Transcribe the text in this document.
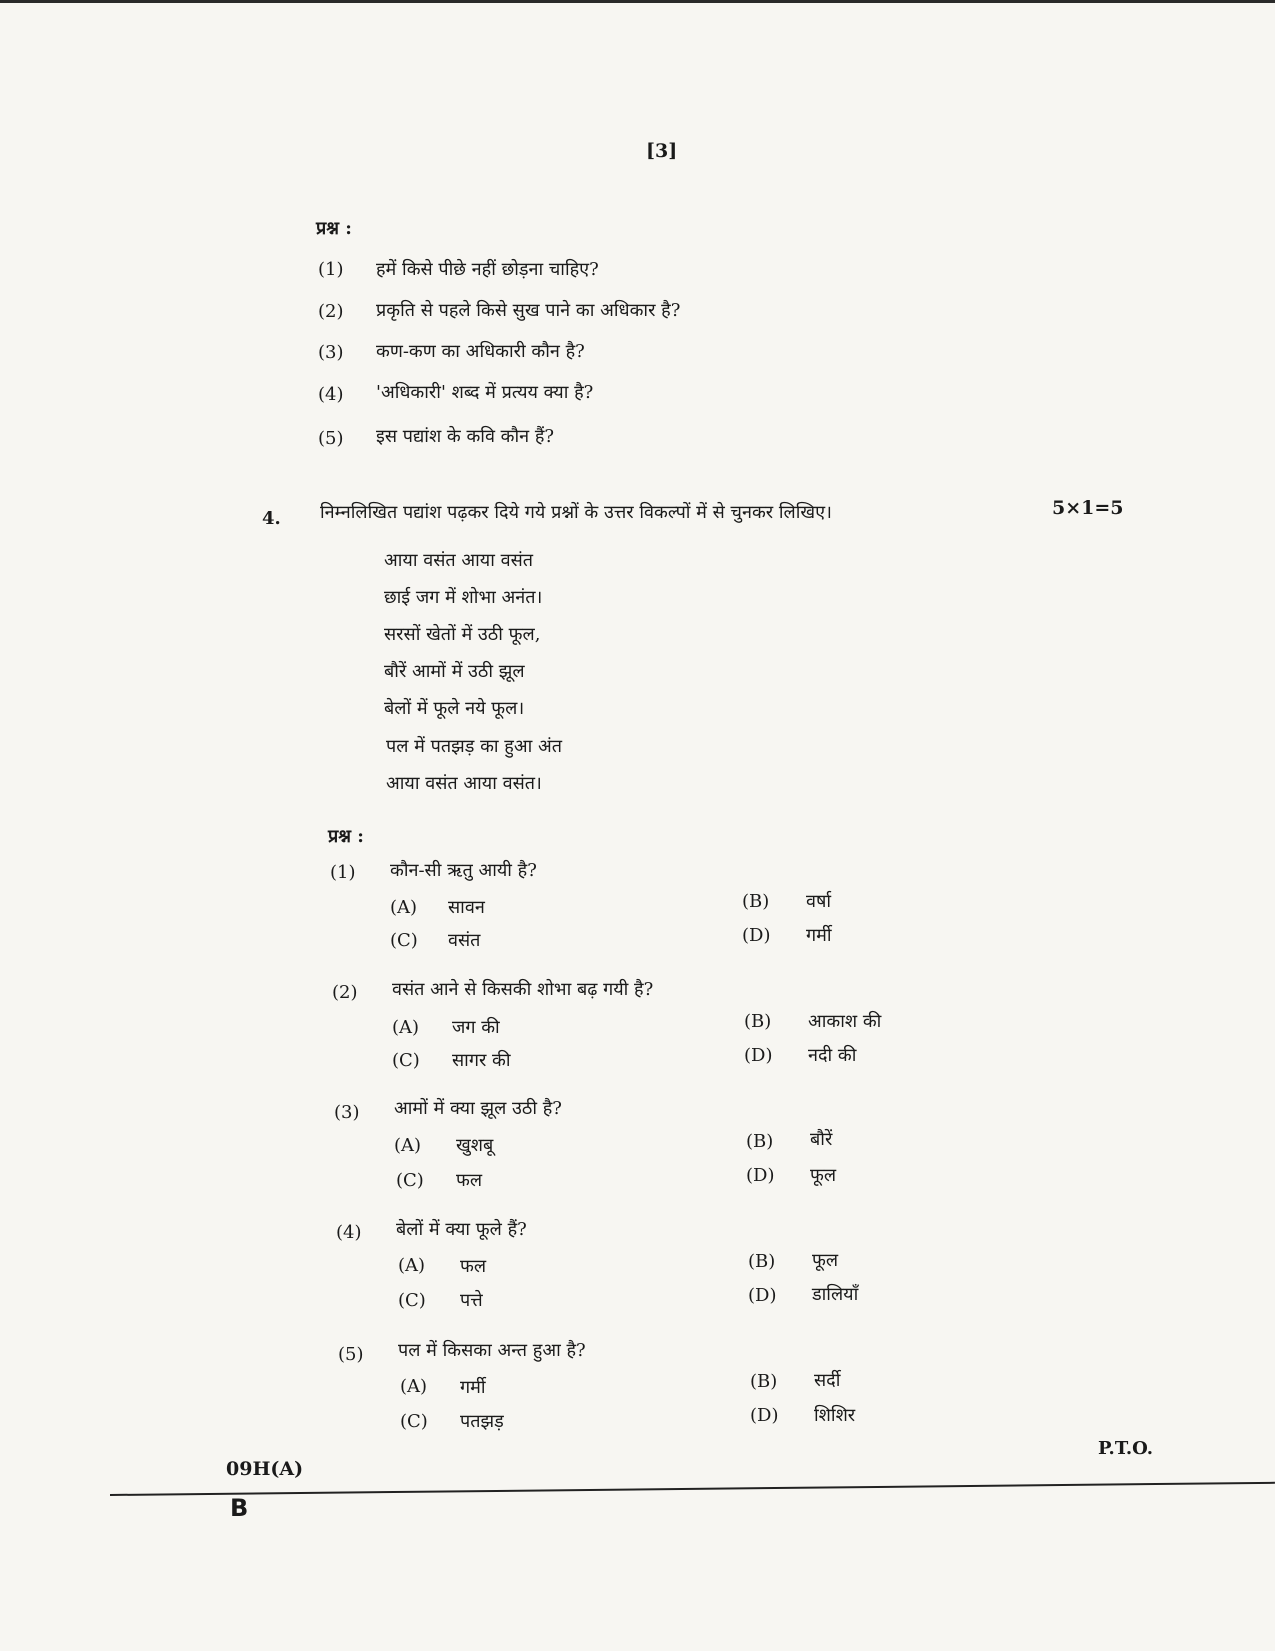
[3]
प्रश्न :
(1) हमें किसे पीछे नहीं छोड़ना चाहिए?
(2) प्रकृति से पहले किसे सुख पाने का अधिकार है?
(3) कण-कण का अधिकारी कौन है?
(4) 'अधिकारी' शब्द में प्रत्यय क्या है?
(5) इस पद्यांश के कवि कौन हैं?
4. निम्नलिखित पद्यांश पढ़कर दिये गये प्रश्नों के उत्तर विकल्पों में से चुनकर लिखिए।	5×1=5
आया वसंत आया वसंत
छाई जग में शोभा अनंत।
सरसों खेतों में उठी फूल,
बौरें आमों में उठी झूल
बेलों में फूले नये फूल।
पल में पतझड़ का हुआ अंत
आया वसंत आया वसंत।
प्रश्न :
(1) कौन-सी ऋतु आयी है?
(A) सावन	(B) वर्षा
(C) वसंत	(D) गर्मी
(2) वसंत आने से किसकी शोभा बढ़ गयी है?
(A) जग की	(B) आकाश की
(C) सागर की	(D) नदी की
(3) आमों में क्या झूल उठी है?
(A) खुशबू	(B) बौरें
(C) फल	(D) फूल
(4) बेलों में क्या फूले हैं?
(A) फल	(B) फूल
(C) पत्ते	(D) डालियाँ
(5) पल में किसका अन्त हुआ है?
(A) गर्मी	(B) सर्दी
(C) पतझड़	(D) शिशिर
P.T.O.
09H(A)
B
